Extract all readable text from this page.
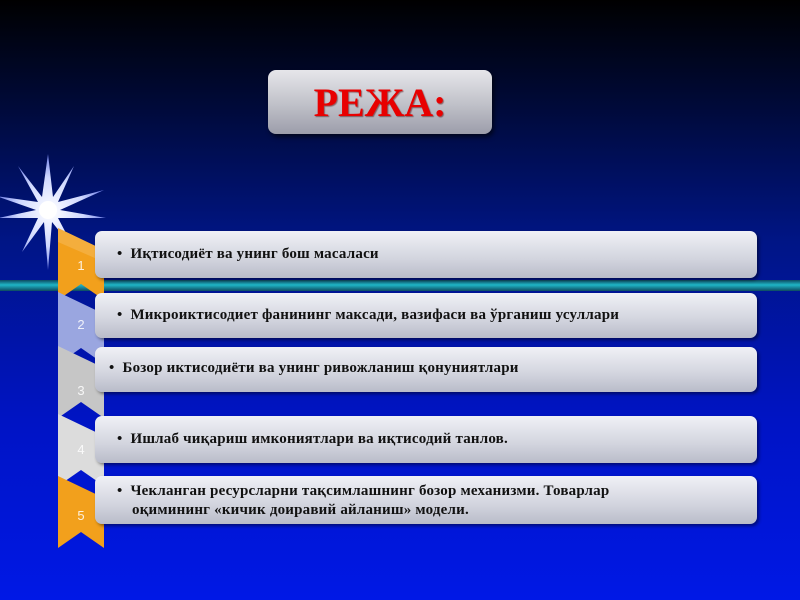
РЕЖА:
1
2
3
4
5
• Иқтисодиёт ва унинг бош масаласи
• Микроиктисодиет фанининг максади, вазифаси ва ўрганиш усуллари
• Бозор иктисодиёти ва унинг ривожланиш қонуниятлари
• Ишлаб чиқариш имкониятлари ва иқтисодий танлов.
• Чекланган ресурсларни тақсимлашнинг бозор механизми. Товарлар
оқимининг «кичик доиравий айланиш» модели.
